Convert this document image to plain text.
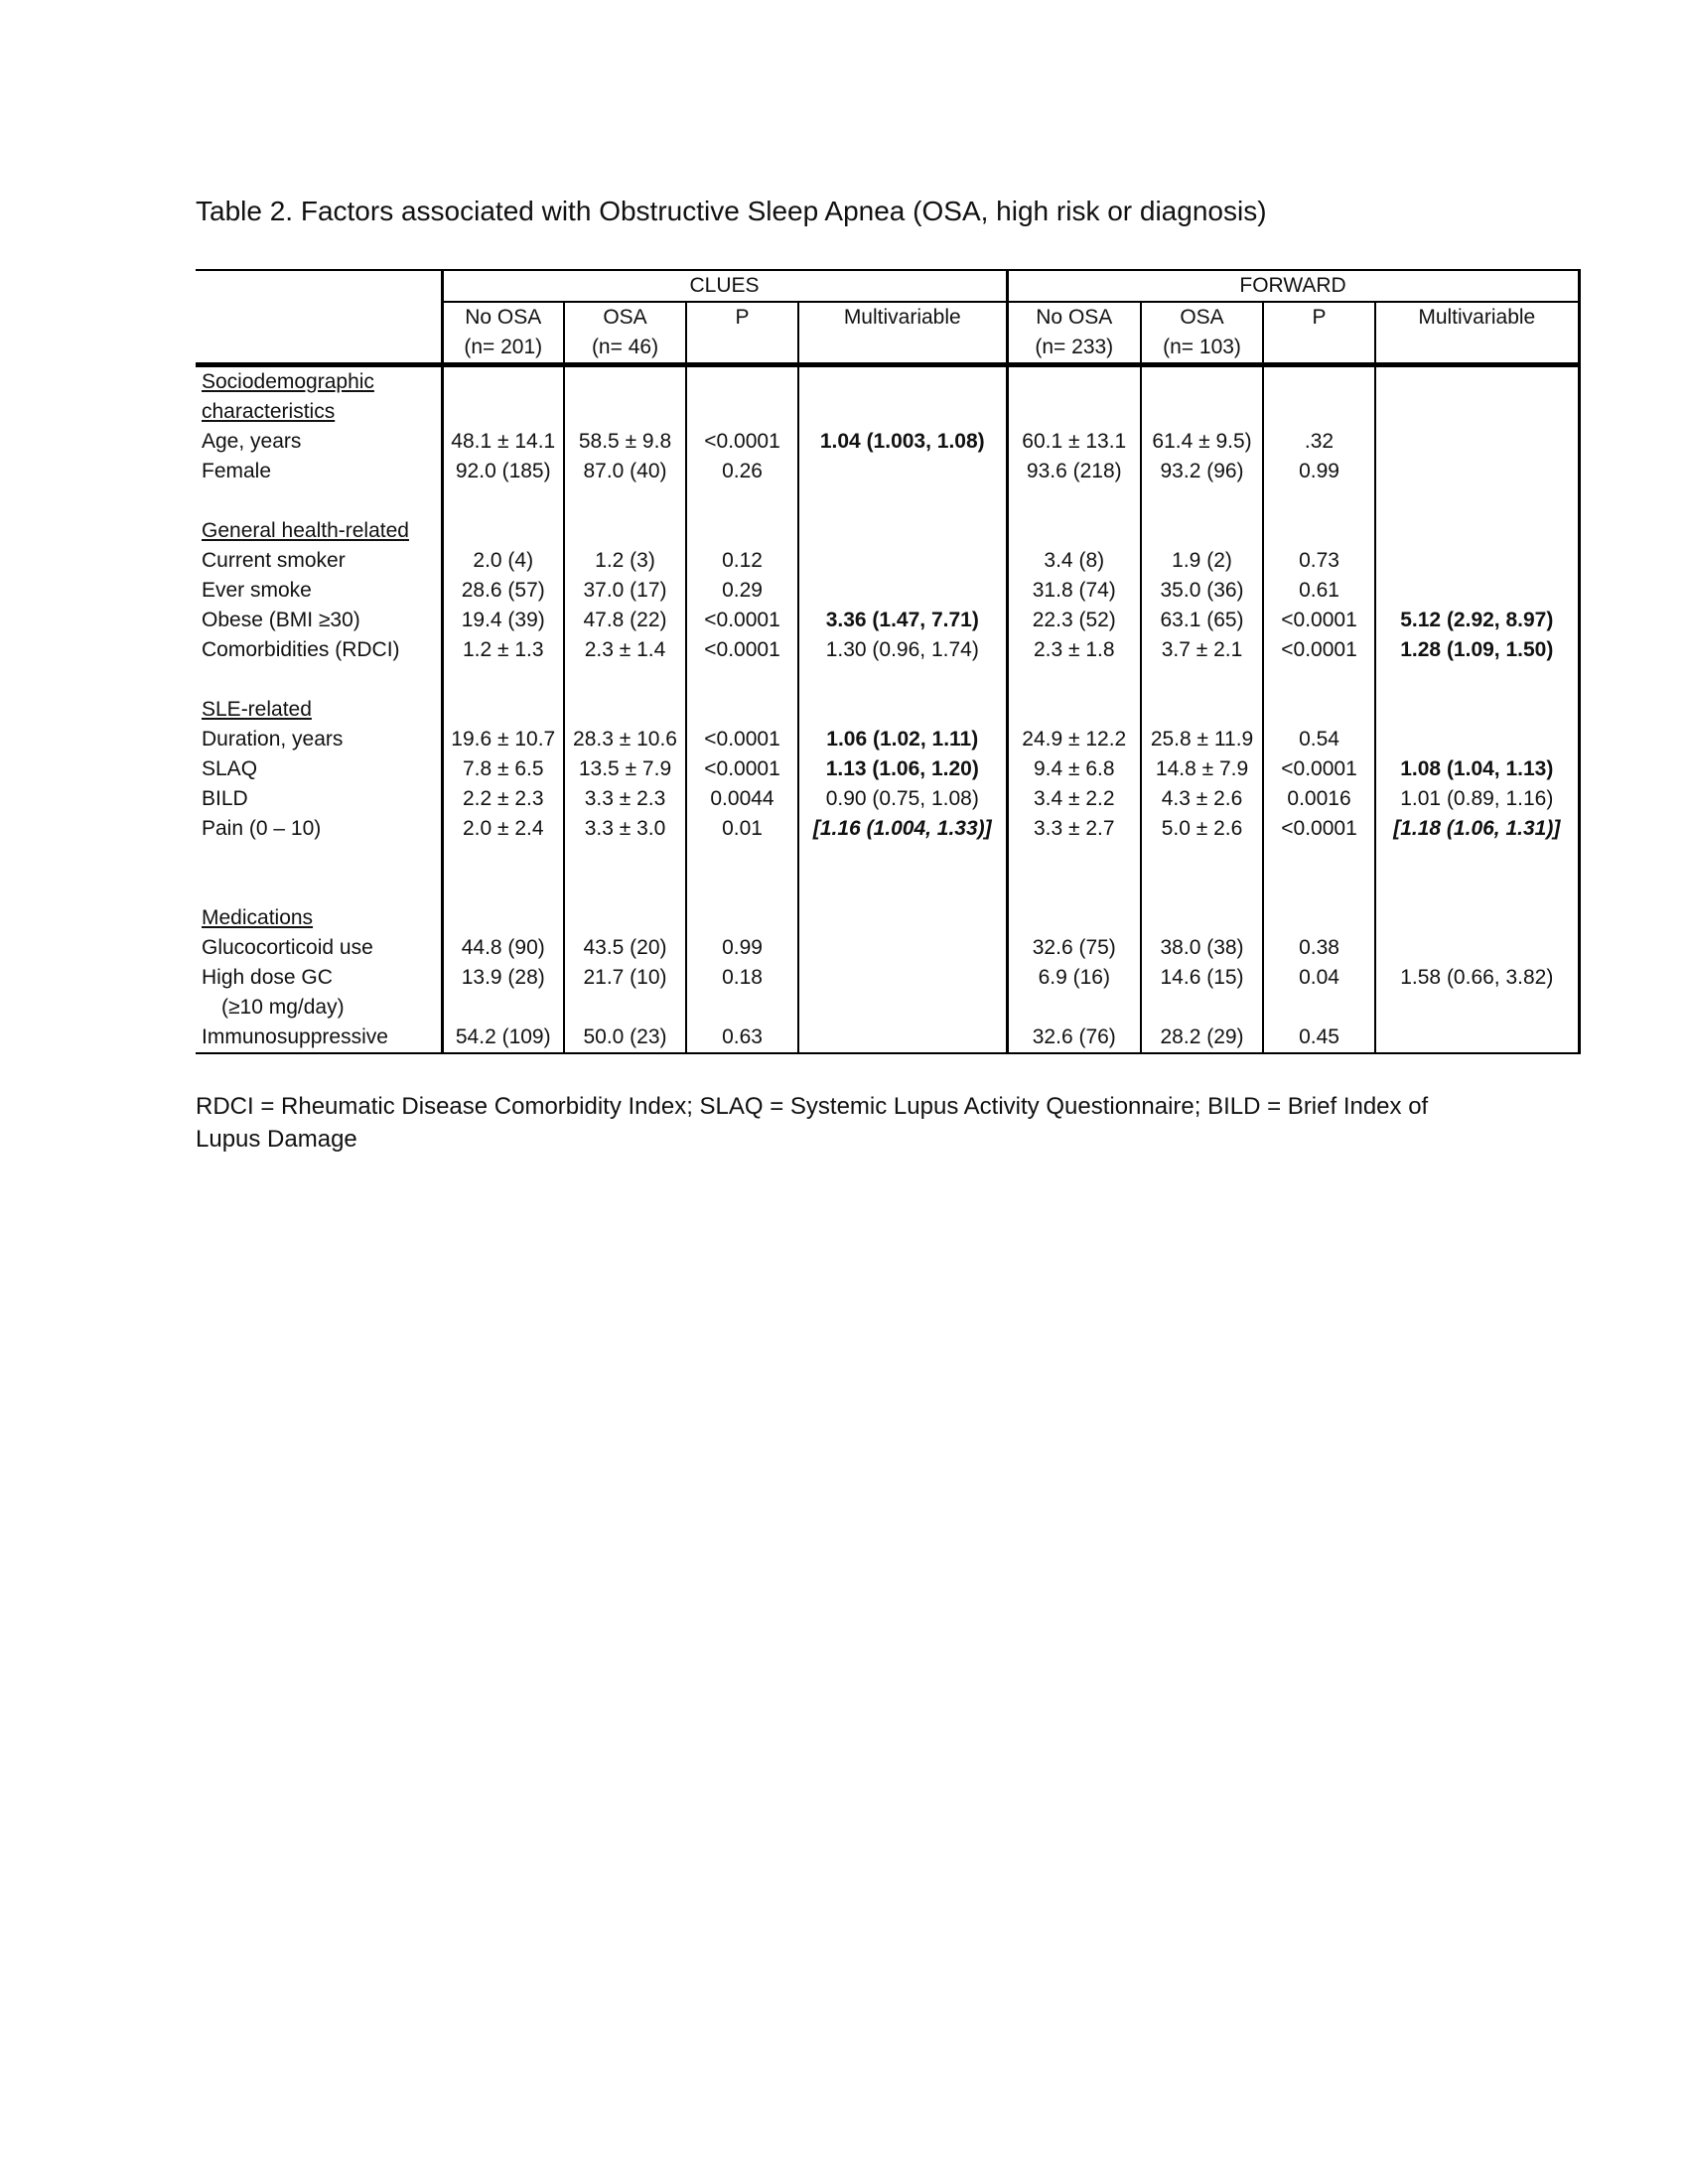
Table 2. Factors associated with Obstructive Sleep Apnea (OSA, high risk or diagnosis)
	CLUES				FORWARD			
	No OSA	OSA	P	Multivariable	No OSA	OSA	P	Multivariable
	(n= 201)	(n= 46)			(n= 233)	(n= 103)		
Sociodemographic								
characteristics								
Age, years	48.1 ± 14.1	58.5 ± 9.8	<0.0001	1.04 (1.003, 1.08)	60.1 ± 13.1	61.4 ± 9.5)	.32	
Female	92.0 (185)	87.0 (40)	0.26		93.6 (218)	93.2 (96)	0.99	

General health-related								
Current smoker	2.0 (4)	1.2 (3)	0.12		3.4 (8)	1.9 (2)	0.73	
Ever smoke	28.6 (57)	37.0 (17)	0.29		31.8 (74)	35.0 (36)	0.61	
Obese (BMI ≥30)	19.4 (39)	47.8 (22)	<0.0001	3.36 (1.47, 7.71)	22.3 (52)	63.1 (65)	<0.0001	5.12 (2.92, 8.97)
Comorbidities (RDCI)	1.2 ± 1.3	2.3 ± 1.4	<0.0001	1.30 (0.96, 1.74)	2.3 ± 1.8	3.7 ± 2.1	<0.0001	1.28 (1.09, 1.50)

SLE-related								
Duration, years	19.6 ± 10.7	28.3 ± 10.6	<0.0001	1.06 (1.02, 1.11)	24.9 ± 12.2	25.8 ± 11.9	0.54	
SLAQ	7.8 ± 6.5	13.5 ± 7.9	<0.0001	1.13 (1.06, 1.20)	9.4 ± 6.8	14.8 ± 7.9	<0.0001	1.08 (1.04, 1.13)
BILD	2.2 ± 2.3	3.3 ± 2.3	0.0044	0.90 (0.75, 1.08)	3.4 ± 2.2	4.3 ± 2.6	0.0016	1.01 (0.89, 1.16)
Pain (0 – 10)	2.0 ± 2.4	3.3 ± 3.0	0.01	[1.16 (1.004, 1.33)]	3.3 ± 2.7	5.0 ± 2.6	<0.0001	[1.18 (1.06, 1.31)]

Medications								
Glucocorticoid use	44.8 (90)	43.5 (20)	0.99		32.6 (75)	38.0 (38)	0.38	
High dose GC	13.9 (28)	21.7 (10)	0.18		6.9 (16)	14.6 (15)	0.04	1.58 (0.66, 3.82)
(≥10 mg/day)								
Immunosuppressive	54.2 (109)	50.0 (23)	0.63		32.6 (76)	28.2 (29)	0.45	
RDCI = Rheumatic Disease Comorbidity Index; SLAQ = Systemic Lupus Activity Questionnaire; BILD = Brief Index of Lupus Damage
